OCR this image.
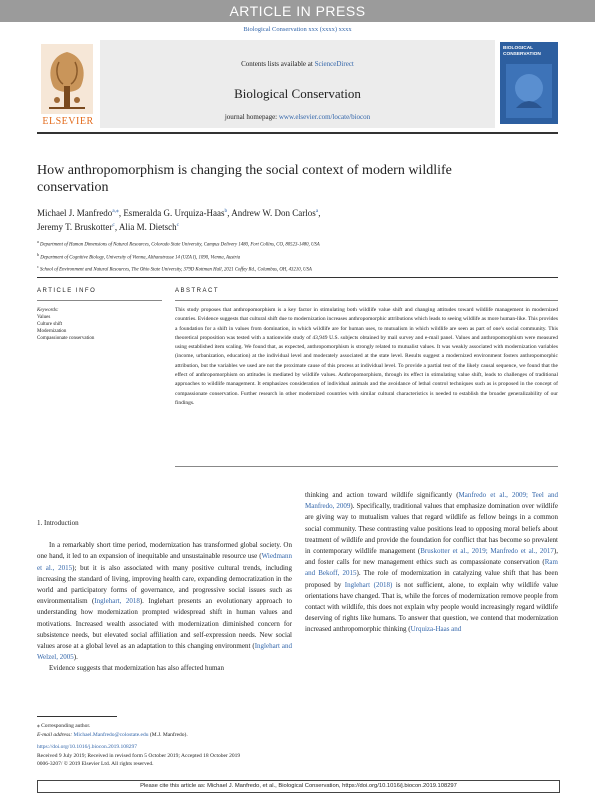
ARTICLE IN PRESS
Biological Conservation xxx (xxxx) xxxx
Contents lists available at ScienceDirect
Biological Conservation
journal homepage: www.elsevier.com/locate/biocon
ELSEVIER
BIOLOGICAL CONSERVATION
How anthropomorphism is changing the social context of modern wildlife conservation
Michael J. Manfredo$^{a,⁎}$, Esmeralda G. Urquiza-Haas$^b$, Andrew W. Don Carlos$^a$,
Jeremy T. Bruskotter$^c$, Alia M. Dietsch$^c$
$^a$ Department of Human Dimensions of Natural Resources, Colorado State University, Campus Delivery 1480, Fort Collins, CO, 80523-1480, USA
$^b$ Department of Cognitive Biology, University of Vienna, Althanstrasse 14 (UZA I), 1090, Vienna, Austria
$^c$ School of Environment and Natural Resources, The Ohio State University, 379D Kottman Hall, 2021 Coffey Rd., Columbus, OH, 43210, USA
ARTICLE INFO	ABSTRACT
Keywords:
Values
Culture shift
Modernization
Compassionate conservation
This study proposes that anthropomorphism is a key factor in stimulating both wildlife value shift and changing attitudes toward wildlife management in modernized countries. Evidence suggests that cultural shift due to modernization increases anthropomorphic attributions which leads to seeing wildlife as more human-like. This provides a foundation for a shift in values from domination, in which wildlife are for human uses, to mutualism in which wildlife are seen as part of one's social community. This theoretical proposition was tested with a nationwide study of 43,949 U.S. subjects obtained by mail survey and e-mail panel. Values and anthropomorphism were measured using established item scaling. We found that, as expected, anthropomorphism is strongly related to mutualist values. It was weakly associated with modernization variables (income, urbanization, education) at the individual level and moderately associated at the state level. Results suggest a modernized environment fosters anthropomorphic attribution, but the variables we used are not the proximate cause of this process at individual level. To provide a partial test of the likely causal sequence, we found that the effect of anthropomorphism on attitudes is mediated by wildlife values. Anthropomorphism, through its effect in stimulating value shift, leads to challenges of traditional approaches to wildlife management. It emphasizes consideration of individual animals and the avoidance of lethal control techniques such as is proposed in the concept of compassionate conservation. Further research in other modernized countries with similar cultural characteristics is needed to establish the broader generalizability of our findings.
1. Introduction

In a remarkably short time period, modernization has transformed global society. On one hand, it led to an expansion of inequitable and unsustainable resource use (Wiedmann et al., 2015); but it is also associated with many positive cultural trends, including increasing the standard of living, improving health care, expanding democratization in the world and participatory forms of governance, and progressive social issues such as environmentalism (Inglehart, 2018). Inglehart presents an evolutionary approach to understanding how modernization prompted widespread shift in human values and motivations. Increased wealth associated with modernization diminished concern for subsistence needs, but elevated social affiliation and self-expression needs. New social values arose at a global level as an adaptation to this changing environment (Inglehart and Welzel, 2005).

Evidence suggests that modernization has also affected human

thinking and action toward wildlife significantly (Manfredo et al., 2009; Teel and Manfredo, 2009). Specifically, traditional values that emphasize domination over wildlife are giving way to mutualism values that regard wildlife as fellow beings in a common social community. These contrasting value positions lead to opposing moral beliefs about treatment of wildlife and provide the foundation for conflict that has become so prevalent in contemporary wildlife management (Bruskotter et al., 2019; Manfredo et al., 2017), and foster calls for new management ethics such as compassionate conservation (Ram and Bekoff, 2015). The role of modernization in catalyzing value shift that has been proposed by Inglehart (2018) is not sufficient, alone, to explain why wildlife value orientations have changed. That is, while the forces of modernization remove people from contact with wildlife, this does not explain why people would increasingly regard wildlife deserving of rights like humans. To answer that question, we contend that modernization increased anthropomorphic thinking (Urquiza-Haas and

⁎ Corresponding author.
E-mail address: Michael.Manfredo@colostate.edu (M.J. Manfredo).
https://doi.org/10.1016/j.biocon.2019.108297
Received 9 July 2019; Received in revised form 5 October 2019; Accepted 18 October 2019
0006-3207/ © 2019 Elsevier Ltd. All rights reserved.
Please cite this article as: Michael J. Manfredo, et al., Biological Conservation, https://doi.org/10.1016/j.biocon.2019.108297
